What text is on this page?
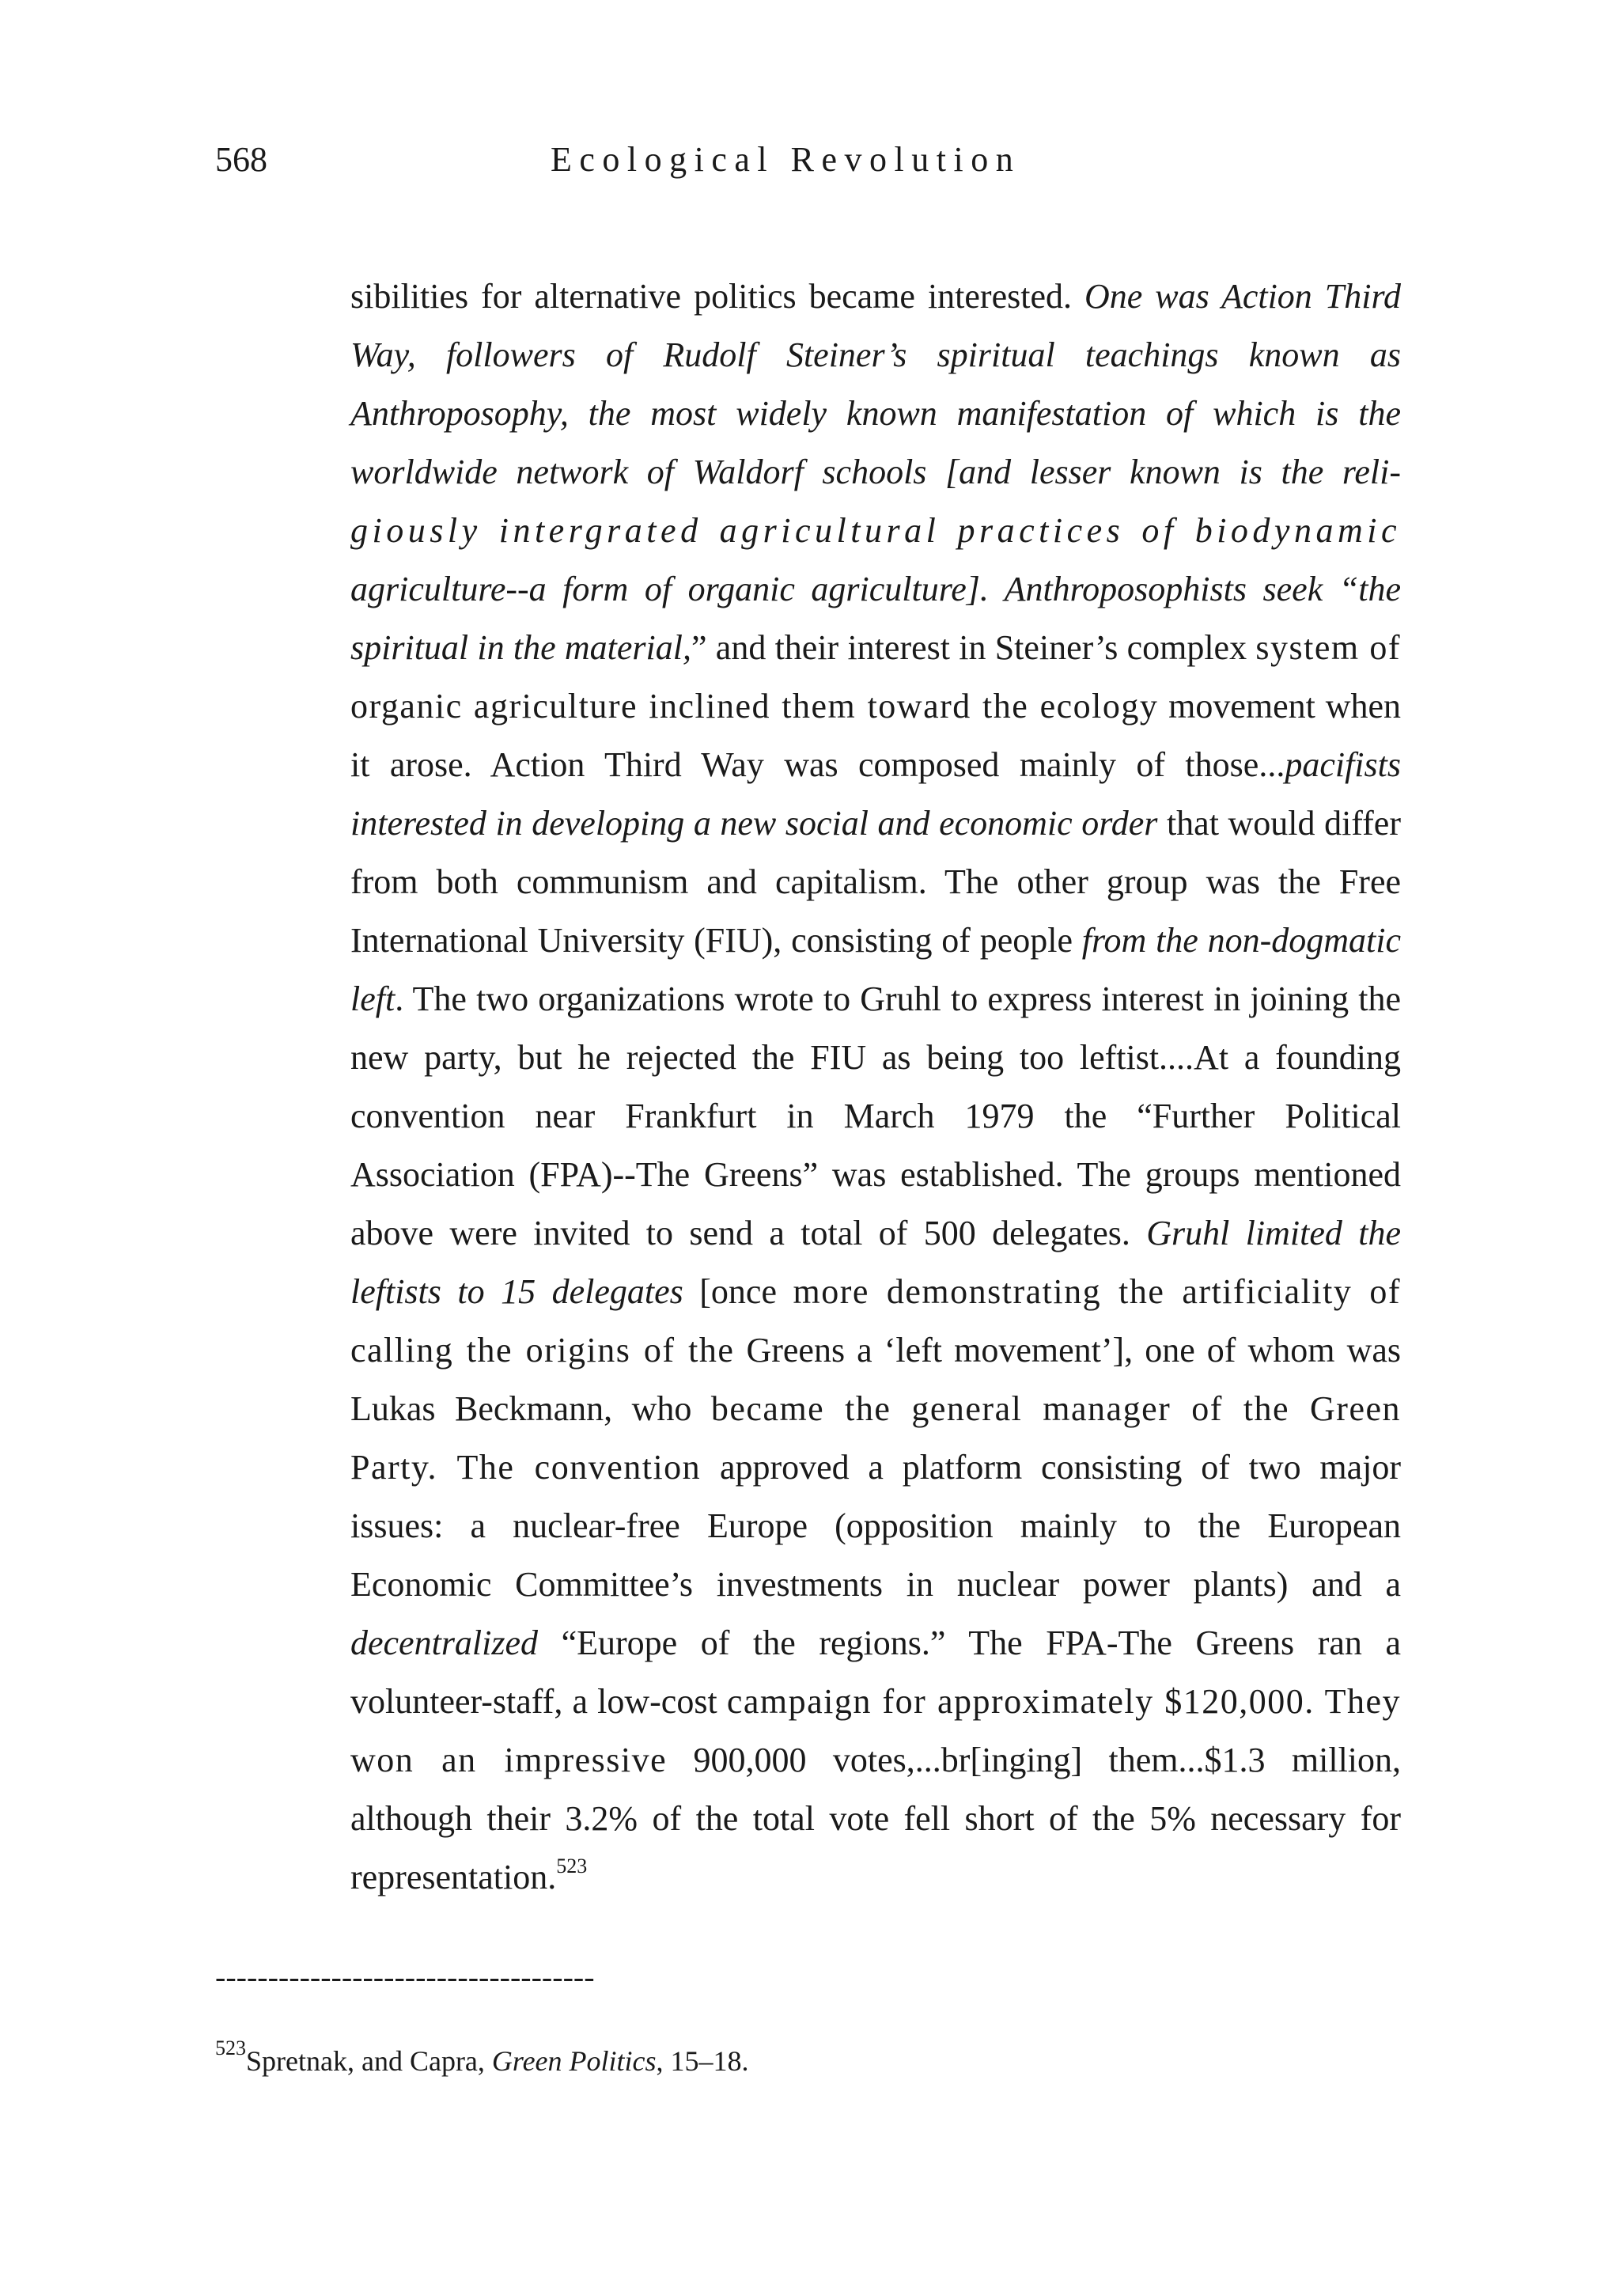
568	Ecological Revolution

sibilities for alternative politics became interested. One was Action Third Way, followers of Rudolf Steiner’s spiritual teachings known as Anthroposophy, the most widely known manifestation of which is the worldwide network of Waldorf schools [and lesser known is the reli- giously intergrated agricultural practices of biodynamic agriculture--a form of organic agriculture]. Anthroposophists seek “the spiritual in the material,” and their interest in Steiner’s complex system of organic agriculture inclined them toward the ecology movement when it arose. Action Third Way was composed mainly of those...pacifists interested in developing a new social and economic order that would differ from both communism and capitalism. The other group was the Free International University (FIU), consisting of people from the non-dogmatic left. The two organizations wrote to Gruhl to express interest in joining the new party, but he rejected the FIU as being too leftist....At a founding convention near Frankfurt in March 1979 the “Further Political Association (FPA)--The Greens” was established. The groups mentioned above were invited to send a total of 500 delegates. Gruhl limited the leftists to 15 delegates [once more demonstrating the artificiality of calling the origins of the Greens a ‘left movement’], one of whom was Lukas Beckmann, who became the general manager of the Green Party. The convention approved a platform consisting of two major issues: a nuclear-free Europe (opposition mainly to the European Economic Committee’s investments in nuclear power plants) and a decentralized “Europe of the regions.” The FPA-The Greens ran a volunteer-staff, a low-cost campaign for approximately $120,000. They won an impressive 900,000 votes,...br[inging] them...$1.3 million, although their 3.2% of the total vote fell short of the 5% necessary for representation.$^{523}$

------------------------------------
$^{523}$Spretnak, and Capra, Green Politics, 15–18.
